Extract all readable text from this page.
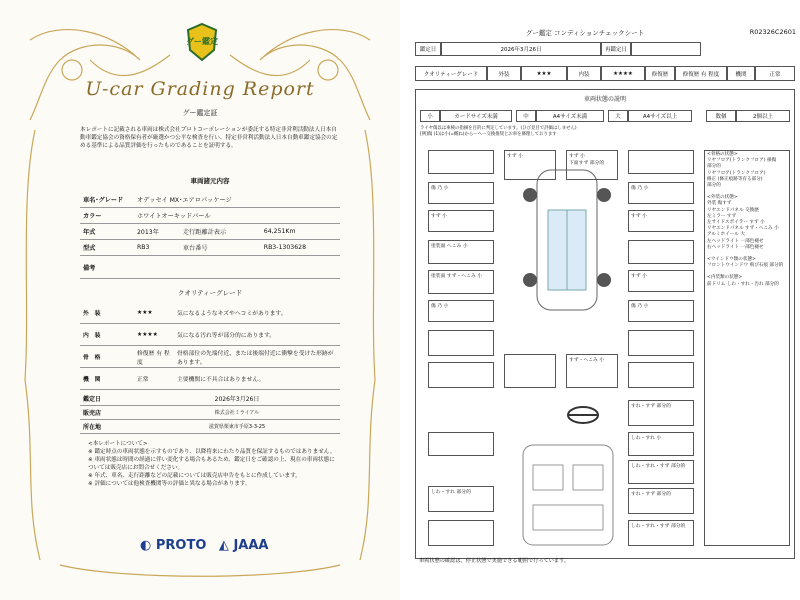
グー鑑定
U-car Grading Report
グー鑑定証
本レポートに記載される車両は株式会社プロトコーポレーションが委託する特定非営利活動法人日本自動車鑑定協会の資格保有者が厳選かつ公平な検査を行い、特定非営利活動法人日本自動車鑑定協会の定める基準による品質評価を行ったものであることを証明する。
車両諸元内容
車名･グレード	オデッセイ MX･エアロパッケージ		
カラー	ホワイトオーキッドパール		
年式	2013年	走行距離計表示	64,251Km
型式	RB3	車台番号	RB3-1303628
備考			
クオリティーグレード
外　装	★★★	気になるようなキズやヘコミがあります。
内　装	★★★★	気になる汚れ等が部分的にあります。
骨　格	修復歴 有 程度	骨格部位の先端付近、または後端付近に衝撃を受けた形跡があります。
機　関	正常	主要機関に不具合はありません。
鑑定日	2026年3月26日
販売店	株式会社ミライアル
所在地	滋賀県栗東市手原3-3-25
<本レポートについて>
※ 鑑定時点の車両状態を示すものであり、以降将来にわたり品質を保証するものではありません。
※ 車両状態は時間の経過に伴い変化する場合もあるため、鑑定日をご確認の上、現在の車両状態については販売店にお問合せください。
※ 年式、車名、走行距離などの記載については販売店申告をもとに作成しています。
※ 評価については他検査機関等の評価と異なる場合があります。
◐ PROTO ◭ JAAA
グー鑑定 コンディションチェックシート	R02326C2601
鑑定日	2026年3月26日	再鑑定日
クオリティーグレード	外装	★★★	内装	★★★★	修復歴	修復歴 有 程度	機関	正常
車両状態の説明
小	カードサイズ未満	中	A4サイズ未満	大	A4サイズ以上	数個	2個以上
ライヤ傷以は車検の指摘を目的に判定しています。(ひび見目で評価はしません)
[例]傷 (1)は小(=概ね)からーヘー交換推奨とお車を修理しております
すず 小	すず 小
下面すず 部分的
傷 乃 小	傷 乃 小
すず 小	すず 小
塗装面 へこみ 小
塗装面 すず・へこみ 小	すず 小
傷 乃 小	傷 乃 小
すず・へこみ 小
すれ・すず 部分的
しわ・すれ 小
しわ・すれ・すず 部分的
しわ・すれ 部分的	すれ・すず 部分的
しわ・すれ・すず 部分的
<骨格の状態>
リヤフロア(トランクフロア) 損傷
部分的
リヤフロア(トランクフロア)
修正 (修正痕跡等有る部分)
部分的
<外装の状態>
外装 傷すず
リヤエンドパネル 交換歴
左ミラー すず
左サイドスポイラー すず 小
リヤエンドパネル すず・へこみ 小
アルミホイール 大
左ヘッドライト 一部色褪せ
右ヘッドライト 一部色褪せ
<ウインドウ類の状態>
フロントウインドウ 飛び石痕 部分的
<内装類の状態>
前ドリム しわ・すれ・汚れ 部分的
車両状態の確認は、停止状態で実施できる範囲で行っています。
